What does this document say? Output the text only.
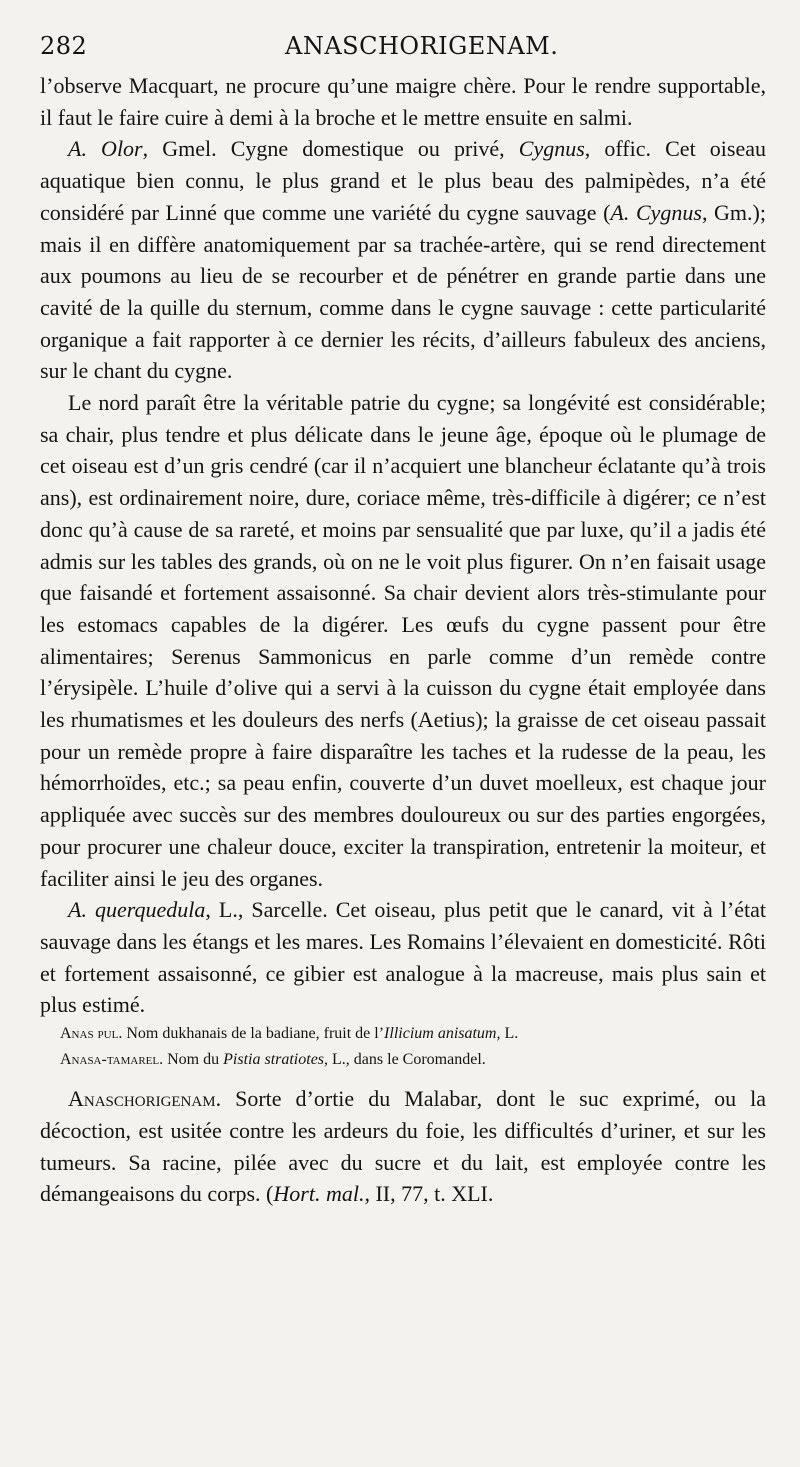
282	ANASCHORIGENAM.

l’observe Macquart, ne procure qu’une maigre chère. Pour le rendre supportable, il faut le faire cuire à demi à la broche et le mettre ensuite en salmi.

A. Olor, Gmel. Cygne domestique ou privé, Cygnus, offic. Cet oiseau aquatique bien connu, le plus grand et le plus beau des palmipèdes, n’a été considéré par Linné que comme une variété du cygne sauvage (A. Cygnus, Gm.); mais il en diffère anatomiquement par sa trachée-artère, qui se rend directement aux poumons au lieu de se recourber et de pénétrer en grande partie dans une cavité de la quille du sternum, comme dans le cygne sauvage : cette particularité organique a fait rapporter à ce dernier les récits, d’ailleurs fabuleux des anciens, sur le chant du cygne.

Le nord paraît être la véritable patrie du cygne; sa longévité est considérable; sa chair, plus tendre et plus délicate dans le jeune âge, époque où le plumage de cet oiseau est d’un gris cendré (car il n’acquiert une blancheur éclatante qu’à trois ans), est ordinairement noire, dure, coriace même, très-difficile à digérer; ce n’est donc qu’à cause de sa rareté, et moins par sensualité que par luxe, qu’il a jadis été admis sur les tables des grands, où on ne le voit plus figurer. On n’en faisait usage que faisandé et fortement assaisonné. Sa chair devient alors très-stimulante pour les estomacs capables de la digérer. Les œufs du cygne passent pour être alimentaires; Serenus Sammonicus en parle comme d’un remède contre l’érysipèle. L’huile d’olive qui a servi à la cuisson du cygne était employée dans les rhumatismes et les douleurs des nerfs (Aetius); la graisse de cet oiseau passait pour un remède propre à faire disparaître les taches et la rudesse de la peau, les hémorrhoïdes, etc.; sa peau enfin, couverte d’un duvet moelleux, est chaque jour appliquée avec succès sur des membres douloureux ou sur des parties engorgées, pour procurer une chaleur douce, exciter la transpiration, entretenir la moiteur, et faciliter ainsi le jeu des organes.

A. querquedula, L., Sarcelle. Cet oiseau, plus petit que le canard, vit à l’état sauvage dans les étangs et les mares. Les Romains l’élevaient en domesticité. Rôti et fortement assaisonné, ce gibier est analogue à la macreuse, mais plus sain et plus estimé.

Anas pul. Nom dukhanais de la badiane, fruit de l’Illicium anisatum, L.

Anasa-tamarel. Nom du Pistia stratiotes, L., dans le Coromandel.

Anaschorigenam. Sorte d’ortie du Malabar, dont le suc exprimé, ou la décoction, est usitée contre les ardeurs du foie, les difficultés d’uriner, et sur les tumeurs. Sa racine, pilée avec du sucre et du lait, est employée contre les démangeaisons du corps. (Hort. mal., II, 77, t. XLI.
